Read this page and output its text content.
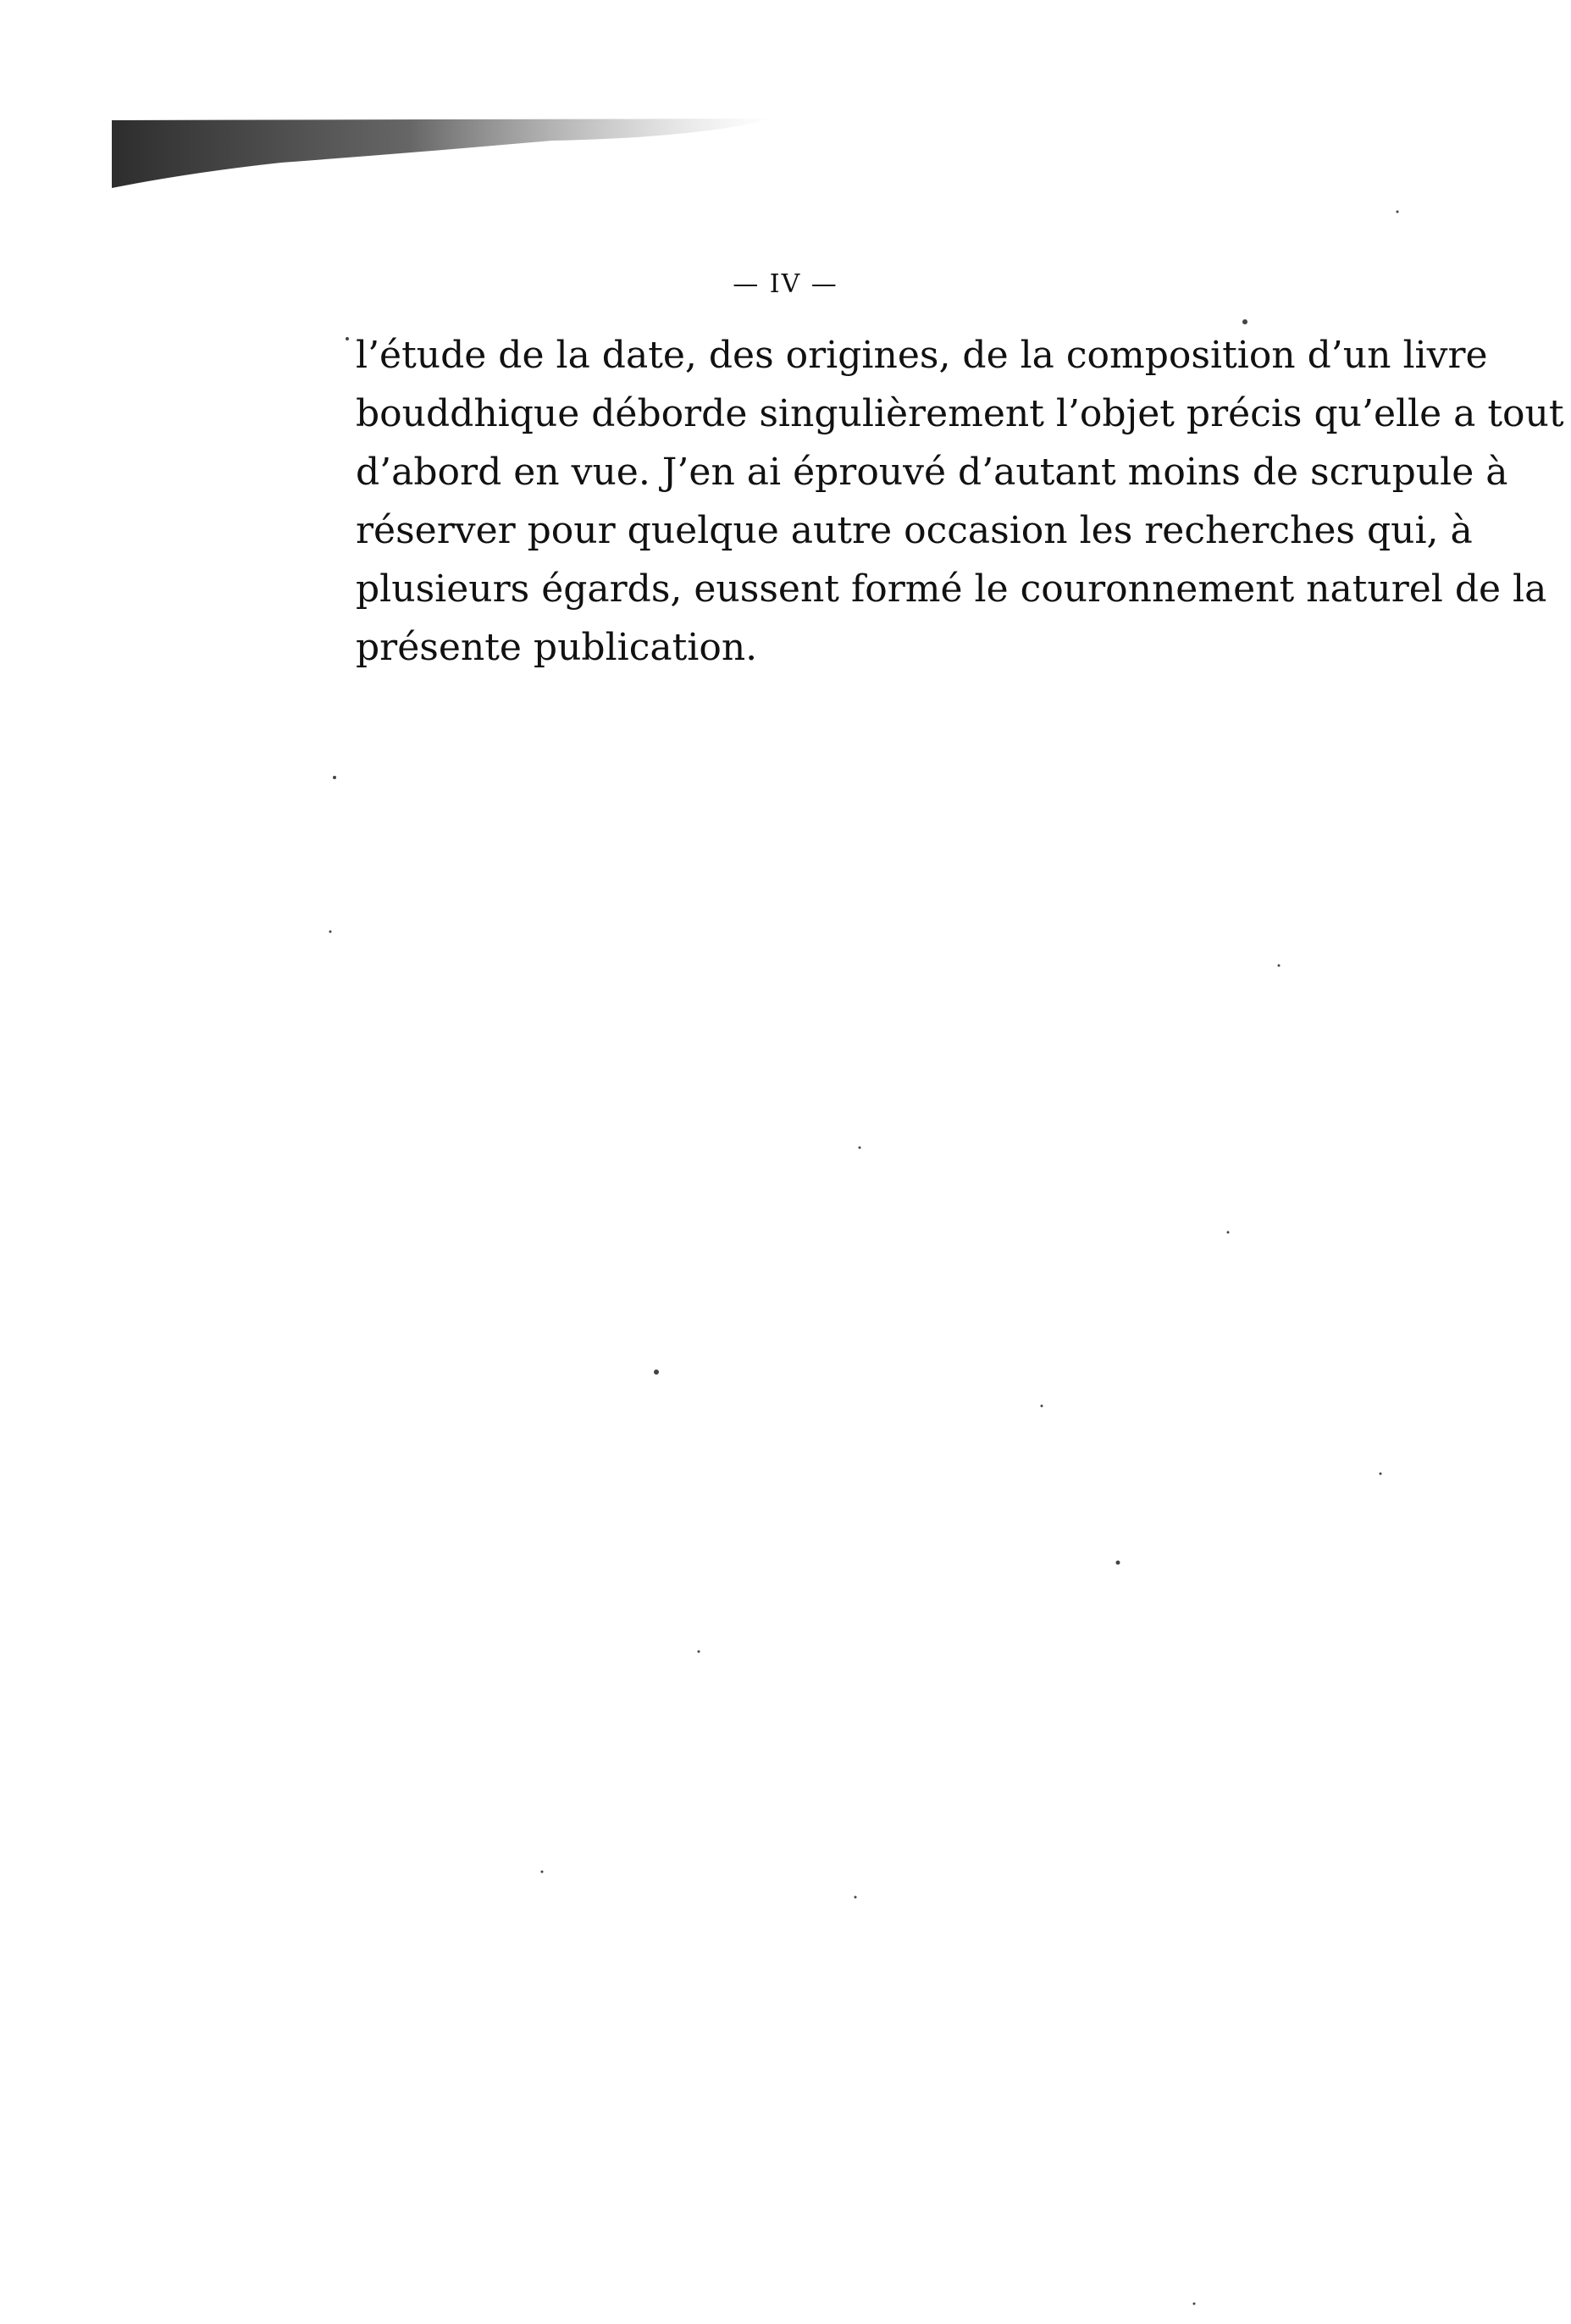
— IV —
l’étude de la date, des origines, de la composition d’un livre
bouddhique déborde singulièrement l’objet précis qu’elle a tout
d’abord en vue. J’en ai éprouvé d’autant moins de scrupule à
réserver pour quelque autre occasion les recherches qui, à
plusieurs égards, eussent formé le couronnement naturel de la
présente publication.
